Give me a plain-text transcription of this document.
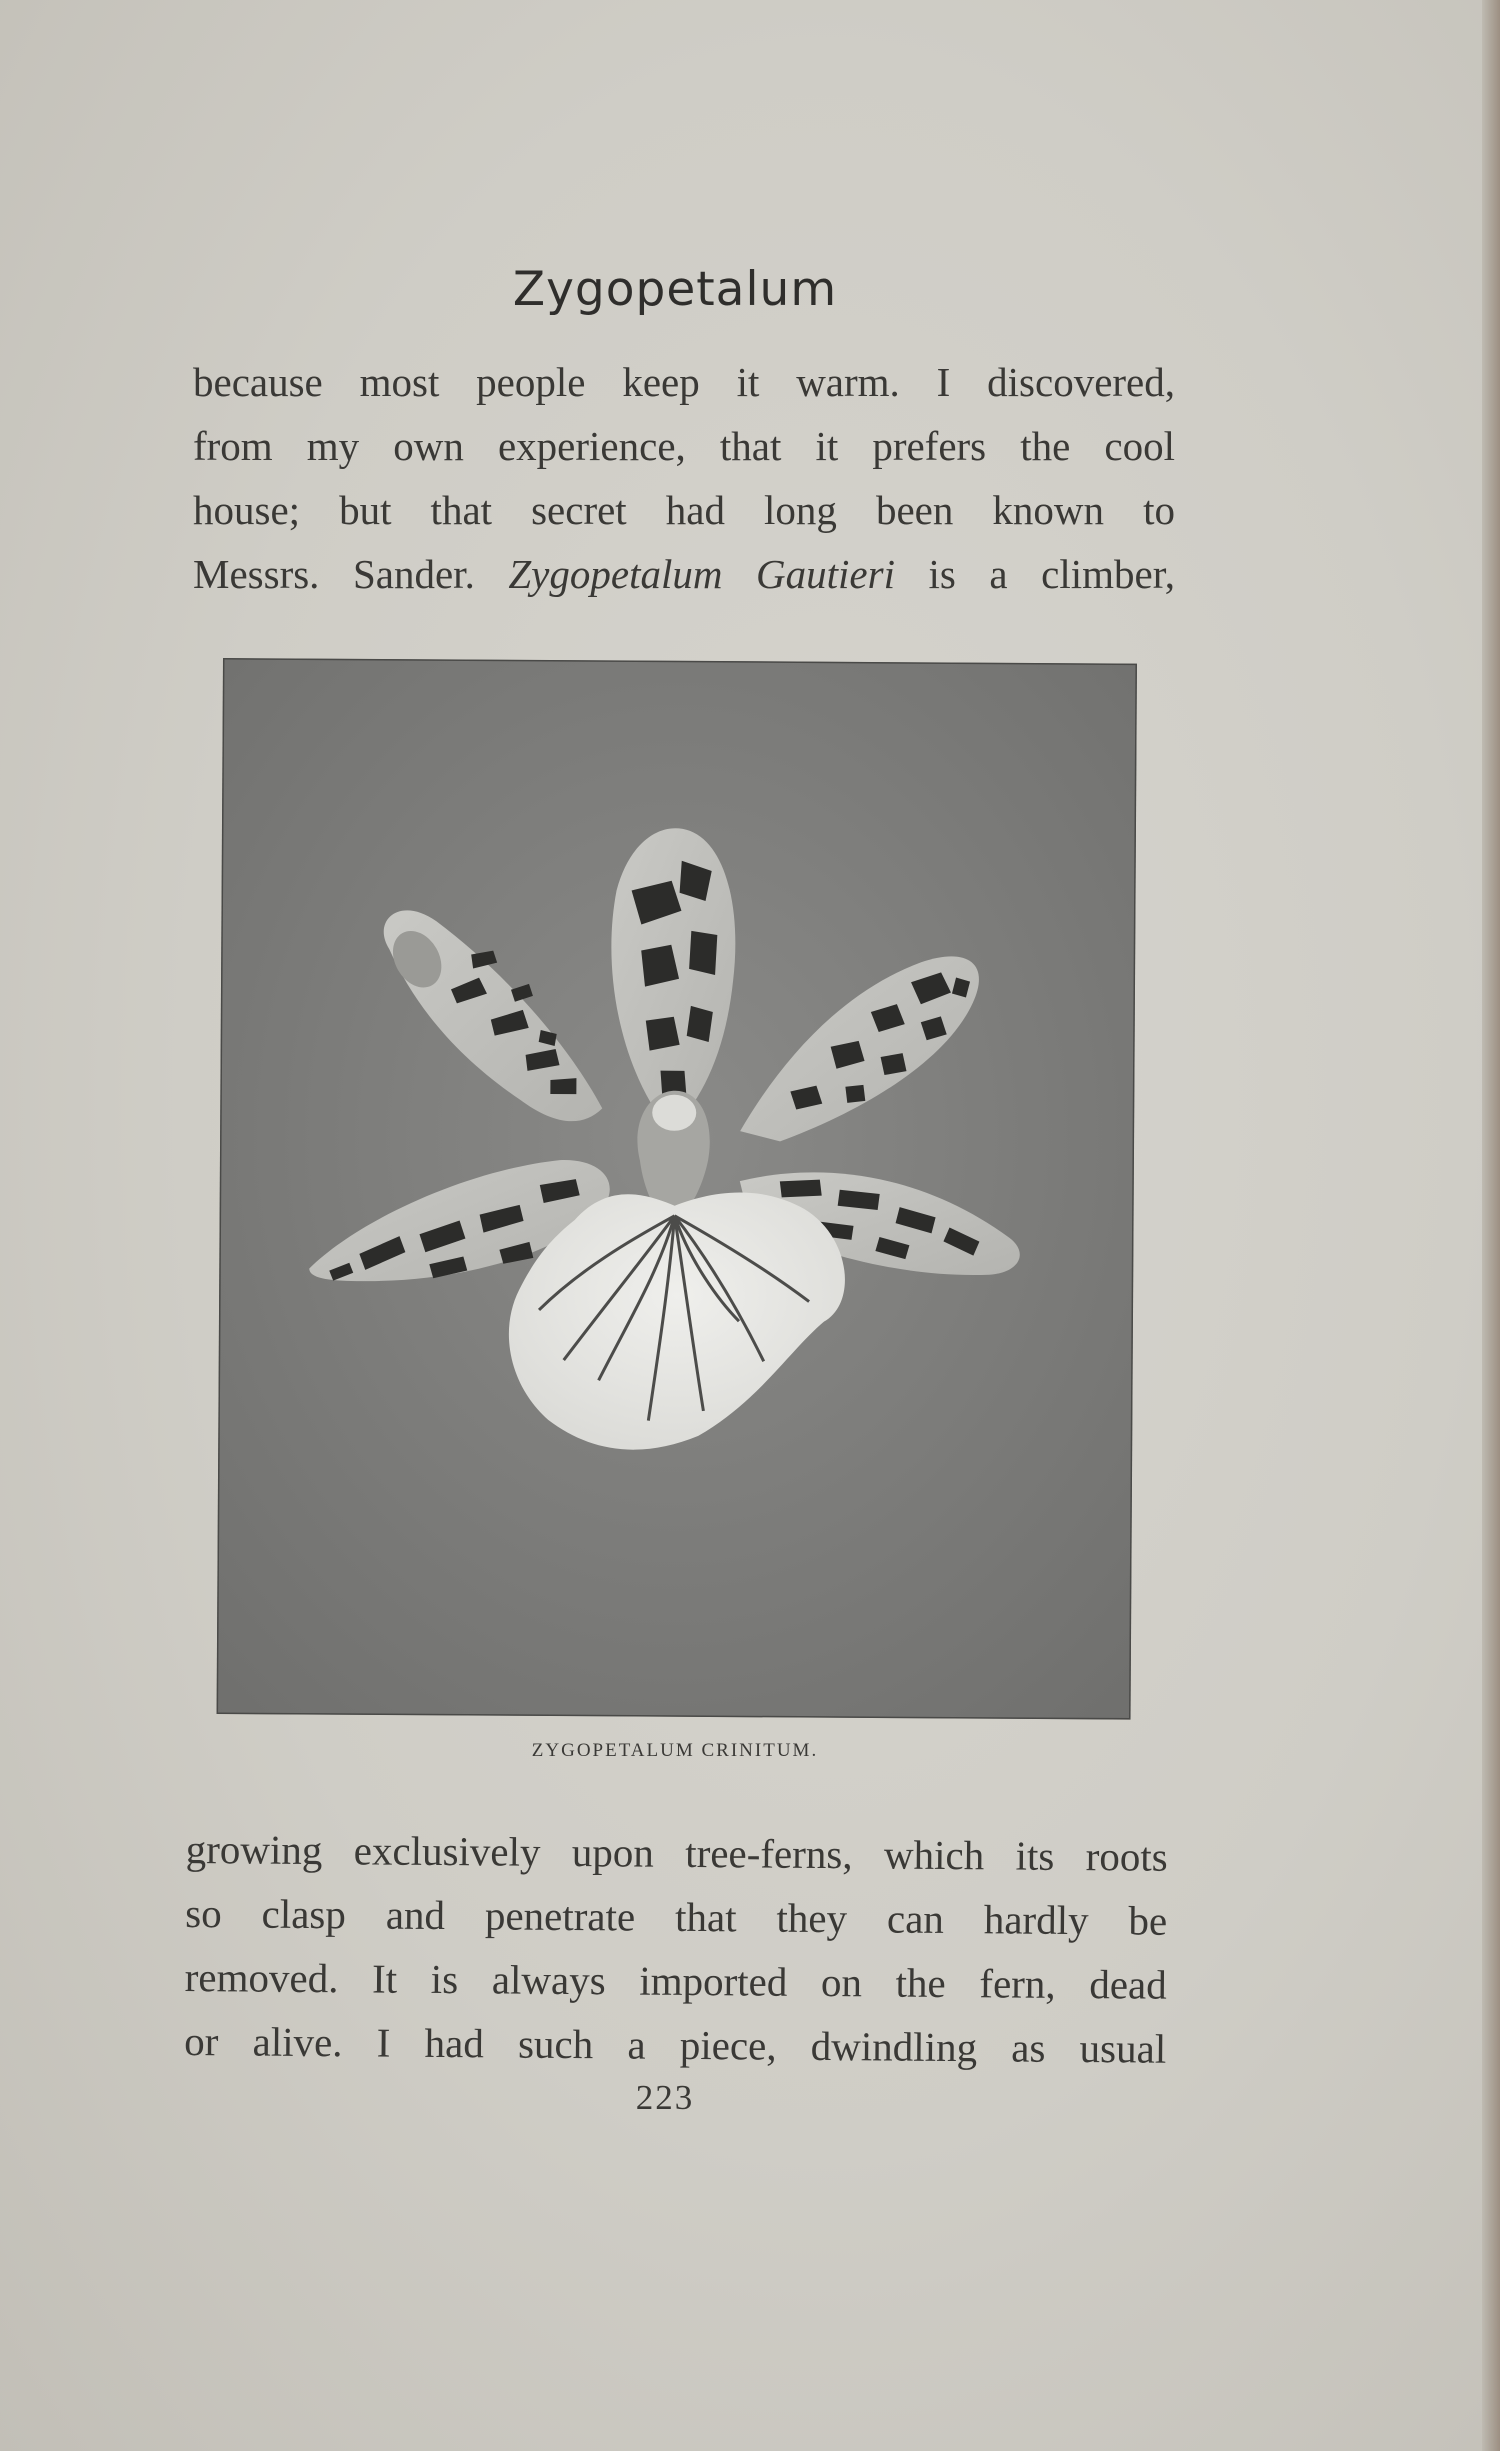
Zygopetalum
because most people keep it warm. I discovered,
from my own experience, that it prefers the cool
house; but that secret had long been known to
Messrs. Sander. Zygopetalum Gautieri is a climber,
ZYGOPETALUM CRINITUM.
growing exclusively upon tree-ferns, which its roots
so clasp and penetrate that they can hardly be
removed. It is always imported on the fern, dead
or alive. I had such a piece, dwindling as usual
223
